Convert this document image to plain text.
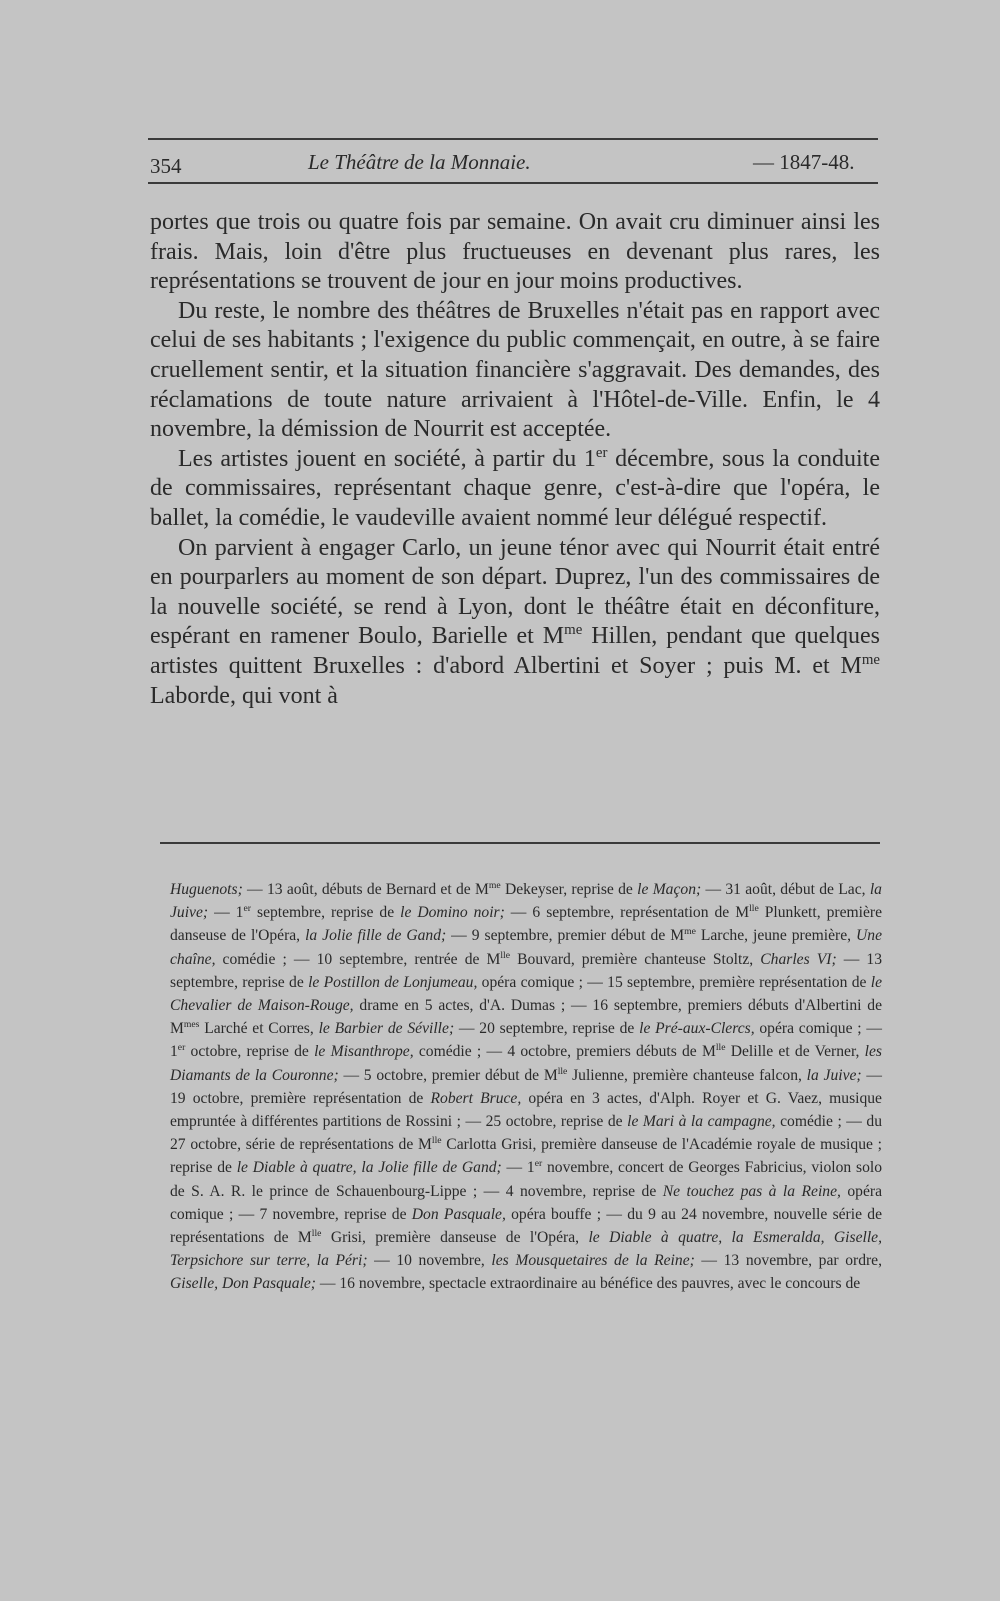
354	Le Théâtre de la Monnaie.	— 1847-48.

portes que trois ou quatre fois par semaine. On avait cru diminuer ainsi les frais. Mais, loin d'être plus fructueuses en devenant plus rares, les représentations se trouvent de jour en jour moins productives.

Du reste, le nombre des théâtres de Bruxelles n'était pas en rapport avec celui de ses habitants ; l'exigence du public commençait, en outre, à se faire cruellement sentir, et la situation financière s'aggravait. Des demandes, des réclamations de toute nature arrivaient à l'Hôtel-de-Ville. Enfin, le 4 novembre, la démission de Nourrit est acceptée.

Les artistes jouent en société, à partir du 1er décembre, sous la conduite de commissaires, représentant chaque genre, c'est-à-dire que l'opéra, le ballet, la comédie, le vaudeville avaient nommé leur délégué respectif.

On parvient à engager Carlo, un jeune ténor avec qui Nourrit était entré en pourparlers au moment de son départ. Duprez, l'un des commissaires de la nouvelle société, se rend à Lyon, dont le théâtre était en déconfiture, espérant en ramener Boulo, Barielle et $M^{me}$ Hillen, pendant que quelques artistes quittent Bruxelles : d'abord Albertini et Soyer ; puis M. et $M^{me}$ Laborde, qui vont à

Huguenots; — 13 août, débuts de Bernard et de $M^{me}$ Dekeyser, reprise de le Maçon; — 31 août, début de Lac, la Juive; — 1er septembre, reprise de le Domino noir; — 6 septembre, représentation de $M^{lle}$ Plunkett, première danseuse de l'Opéra, la Jolie fille de Gand; — 9 septembre, premier début de $M^{me}$ Larche, jeune première, Une chaîne, comédie ; — 10 septembre, rentrée de $M^{lle}$ Bouvard, première chanteuse Stoltz, Charles VI; — 13 septembre, reprise de le Postillon de Lonjumeau, opéra comique ; — 15 septembre, première représentation de le Chevalier de Maison-Rouge, drame en 5 actes, d'A. Dumas ; — 16 septembre, premiers débuts d'Albertini de $M^{mes}$ Larché et Corres, le Barbier de Séville; — 20 septembre, reprise de le Pré-aux-Clercs, opéra comique ; — 1er octobre, reprise de le Misanthrope, comédie ; — 4 octobre, premiers débuts de $M^{lle}$ Delille et de Verner, les Diamants de la Couronne; — 5 octobre, premier début de $M^{lle}$ Julienne, première chanteuse falcon, la Juive; — 19 octobre, première représentation de Robert Bruce, opéra en 3 actes, d'Alph. Royer et G. Vaez, musique empruntée à différentes partitions de Rossini ; — 25 octobre, reprise de le Mari à la campagne, comédie ; — du 27 octobre, série de représentations de $M^{lle}$ Carlotta Grisi, première danseuse de l'Académie royale de musique ; reprise de le Diable à quatre, la Jolie fille de Gand; — 1er novembre, concert de Georges Fabricius, violon solo de S. A. R. le prince de Schauenbourg-Lippe ; — 4 novembre, reprise de Ne touchez pas à la Reine, opéra comique ; — 7 novembre, reprise de Don Pasquale, opéra bouffe ; — du 9 au 24 novembre, nouvelle série de représentations de $M^{lle}$ Grisi, première danseuse de l'Opéra, le Diable à quatre, la Esmeralda, Giselle, Terpsichore sur terre, la Péri; — 10 novembre, les Mousquetaires de la Reine; — 13 novembre, par ordre, Giselle, Don Pasquale; — 16 novembre, spectacle extraordinaire au bénéfice des pauvres, avec le concours de
